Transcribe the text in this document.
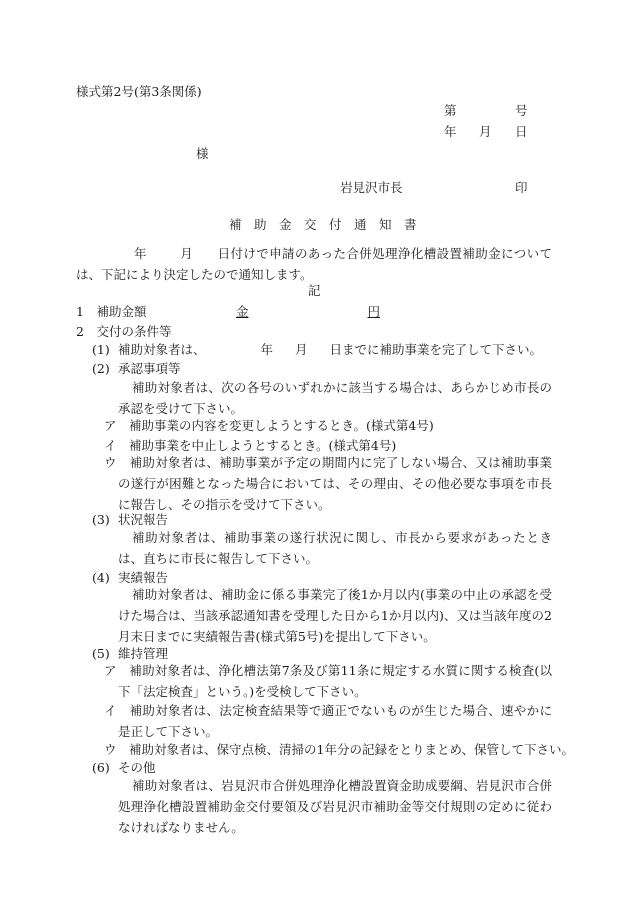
様式第2号(第3条関係)
第	号
年 月 日
様
岩見沢市長	印
補　助　金　交　付　通　知　書
年	月 日付けで申請のあった合併処理浄化槽設置補助金については、下記により決定したので通知します。
記
1　補助金額	金	円
2　交付の条件等
(1) 補助対象者は、	年 月 日までに補助事業を完了して下さい。
(2) 承認事項等
補助対象者は、次の各号のいずれかに該当する場合は、あらかじめ市長の承認を受けて下さい。
ア　補助事業の内容を変更しようとするとき。(様式第4号)
イ　補助事業を中止しようとするとき。(様式第4号)
ウ　補助対象者は、補助事業が予定の期間内に完了しない場合、又は補助事業の遂行が困難となった場合においては、その理由、その他必要な事項を市長に報告し、その指示を受けて下さい。
(3) 状況報告
補助対象者は、補助事業の遂行状況に関し、市長から要求があったときは、直ちに市長に報告して下さい。
(4) 実績報告
補助対象者は、補助金に係る事業完了後1か月以内(事業の中止の承認を受けた場合は、当該承認通知書を受理した日から1か月以内)、又は当該年度の2月末日までに実績報告書(様式第5号)を提出して下さい。
(5) 維持管理
ア　補助対象者は、浄化槽法第7条及び第11条に規定する水質に関する検査(以下「法定検査」という。)を受検して下さい。
イ　補助対象者は、法定検査結果等で適正でないものが生じた場合、速やかに是正して下さい。
ウ　補助対象者は、保守点検、清掃の1年分の記録をとりまとめ、保管して下さい。
(6) その他
補助対象者は、岩見沢市合併処理浄化槽設置資金助成要綱、岩見沢市合併処理浄化槽設置補助金交付要領及び岩見沢市補助金等交付規則の定めに従わなければなりません。
